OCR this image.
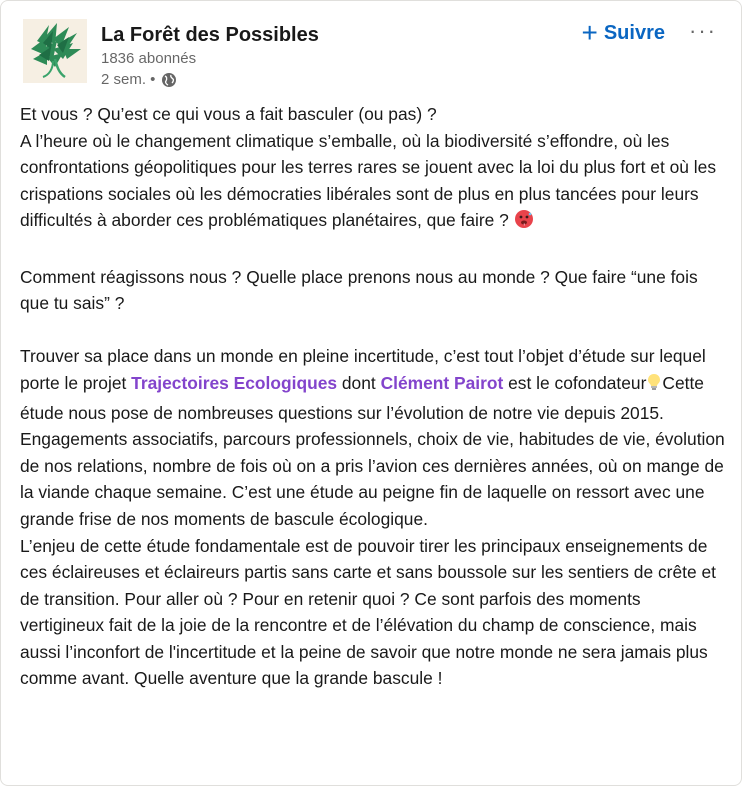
La Forêt des Possibles
1836 abonnés
2 sem. •
+ Suivre ···

Et vous ? Qu’est ce qui vous a fait basculer (ou pas) ?
A l’heure où le changement climatique s’emballe, où la biodiversité s’effondre, où les confrontations géopolitiques pour les terres rares se jouent avec la loi du plus fort et où les crispations sociales où les démocraties libérales sont de plus en plus tancées pour leurs difficultés à aborder ces problématiques planétaires, que faire ?

Comment réagissons nous ? Quelle place prenons nous au monde ? Que faire “une fois que tu sais” ?

Trouver sa place dans un monde en pleine incertitude, c’est tout l’objet d’étude sur lequel porte le projet Trajectoires Ecologiques dont Clément Pairot est le cofondateur Cette étude nous pose de nombreuses questions sur l’évolution de notre vie depuis 2015. Engagements associatifs, parcours professionnels, choix de vie, habitudes de vie, évolution de nos relations, nombre de fois où on a pris l’avion ces dernières années, où on mange de la viande chaque semaine. C’est une étude au peigne fin de laquelle on ressort avec une grande frise de nos moments de bascule écologique.

L’enjeu de cette étude fondamentale est de pouvoir tirer les principaux enseignements de ces éclaireuses et éclaireurs partis sans carte et sans boussole sur les sentiers de crête et de transition. Pour aller où ? Pour en retenir quoi ? Ce sont parfois des moments vertigineux fait de la joie de la rencontre et de l’élévation du champ de conscience, mais aussi l’inconfort de l'incertitude et la peine de savoir que notre monde ne sera jamais plus comme avant. Quelle aventure que la grande bascule !
